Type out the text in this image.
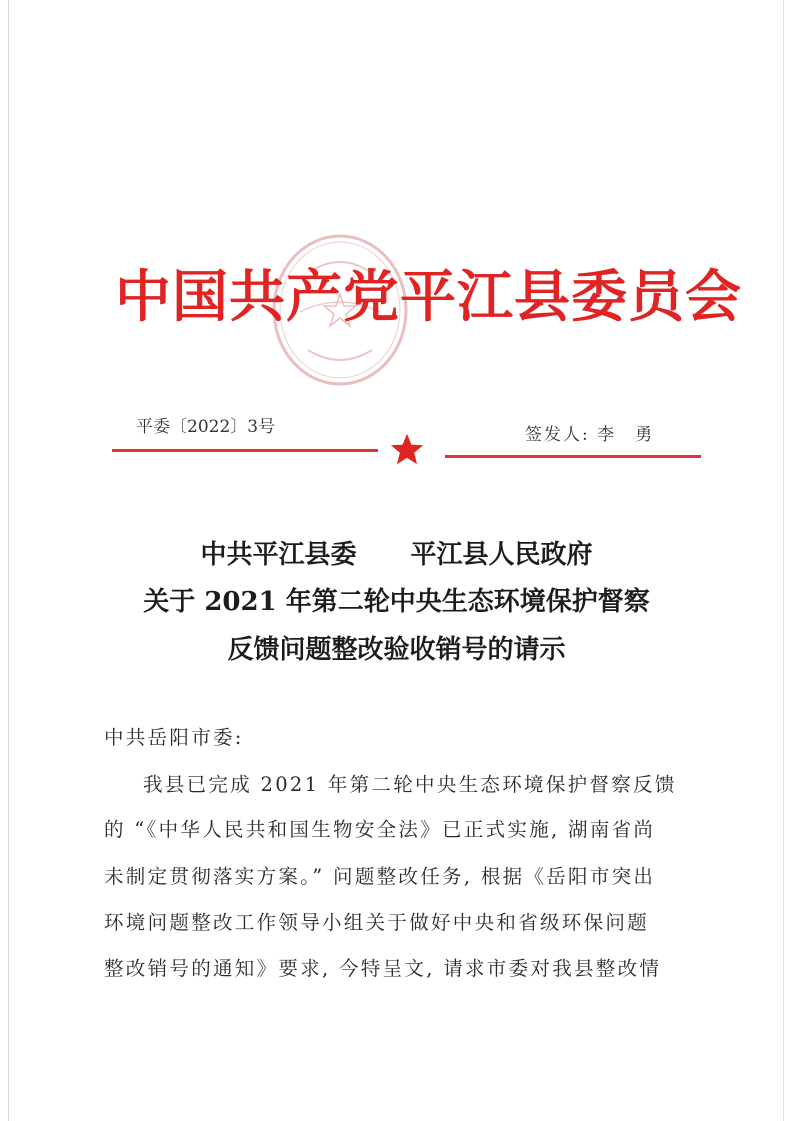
中国共产党平江县委员会
平委〔2022〕3号	签发人: 李　勇
中共平江县委 平江县人民政府
关于 2021 年第二轮中央生态环境保护督察
反馈问题整改验收销号的请示
中共岳阳市委:
我县已完成 2021 年第二轮中央生态环境保护督察反馈
的 “《中华人民共和国生物安全法》已正式实施, 湖南省尚
未制定贯彻落实方案。” 问题整改任务, 根据《岳阳市突出
环境问题整改工作领导小组关于做好中央和省级环保问题
整改销号的通知》要求, 今特呈文, 请求市委对我县整改情
